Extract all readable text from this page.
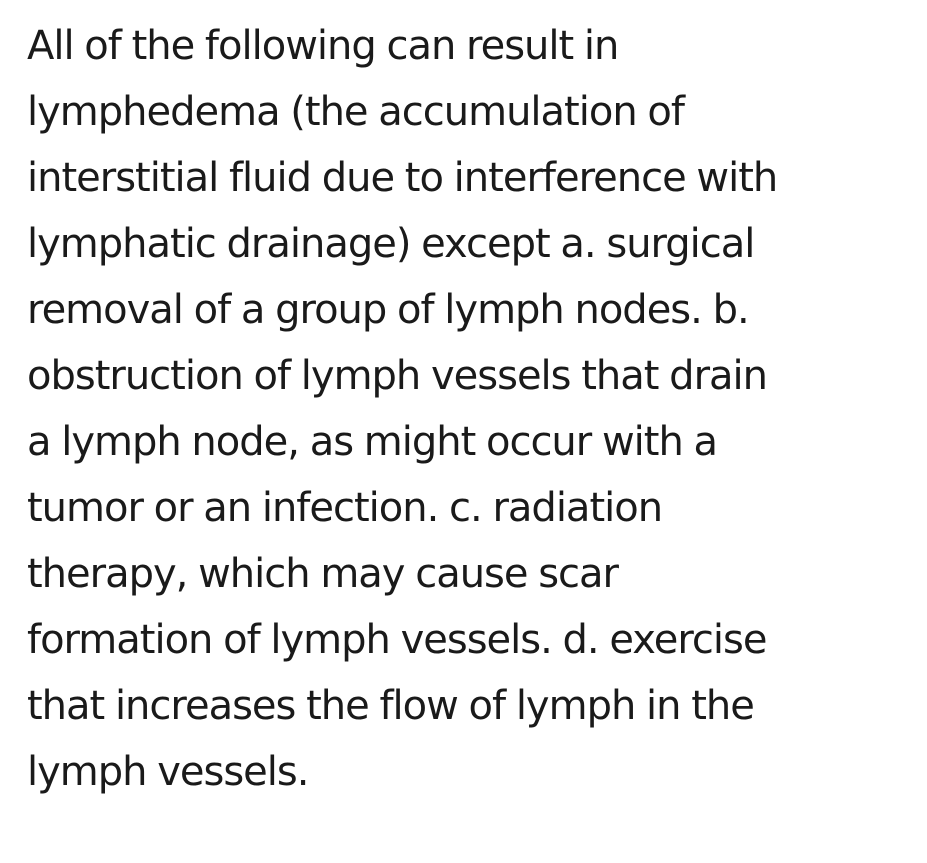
All of the following can result in
lymphedema (the accumulation of
interstitial fluid due to interference with
lymphatic drainage) except a. surgical
removal of a group of lymph nodes. b.
obstruction of lymph vessels that drain
a lymph node, as might occur with a
tumor or an infection. c. radiation
therapy, which may cause scar
formation of lymph vessels. d. exercise
that increases the flow of lymph in the
lymph vessels.
